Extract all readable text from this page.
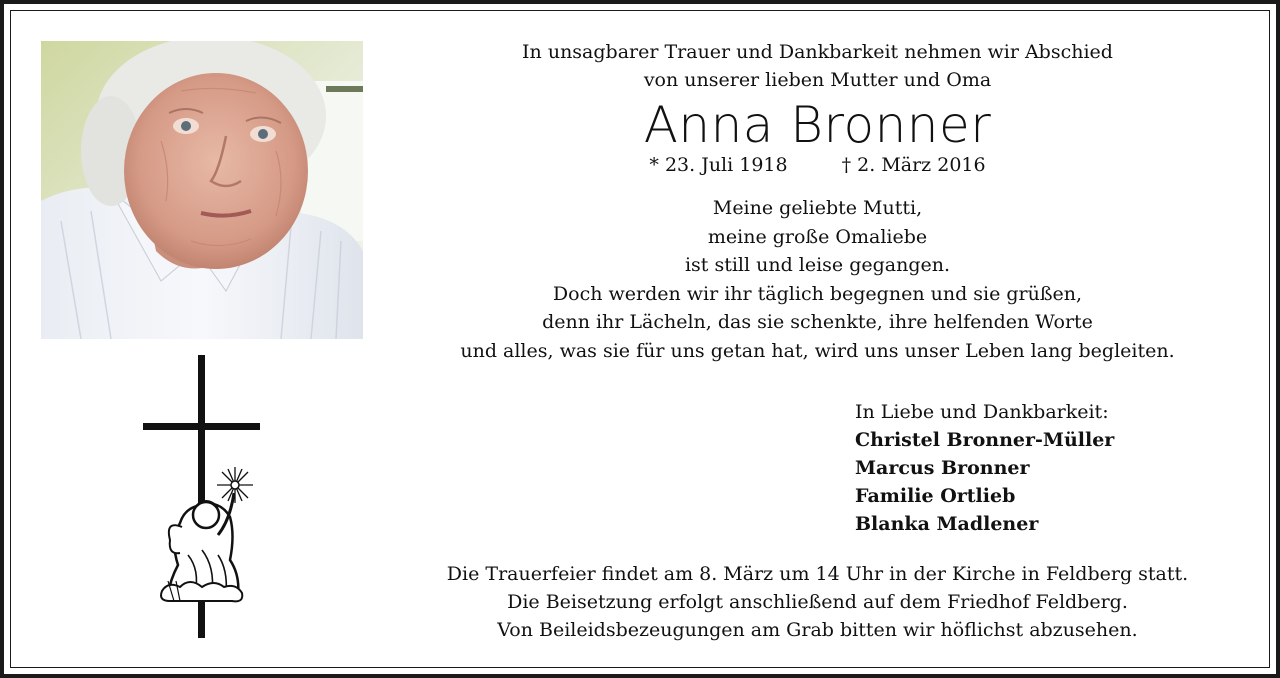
In unsagbarer Trauer und Dankbarkeit nehmen wir Abschied
von unserer lieben Mutter und Oma
Anna Bronner
* 23. Juli 1918	† 2. März 2016
Meine geliebte Mutti,
meine große Omaliebe
ist still und leise gegangen.
Doch werden wir ihr täglich begegnen und sie grüßen,
denn ihr Lächeln, das sie schenkte, ihre helfenden Worte
und alles, was sie für uns getan hat, wird uns unser Leben lang begleiten.
In Liebe und Dankbarkeit:
Christel Bronner-Müller
Marcus Bronner
Familie Ortlieb
Blanka Madlener
Die Trauerfeier findet am 8. März um 14 Uhr in der Kirche in Feldberg statt.
Die Beisetzung erfolgt anschließend auf dem Friedhof Feldberg.
Von Beileidsbezeugungen am Grab bitten wir höflichst abzusehen.
